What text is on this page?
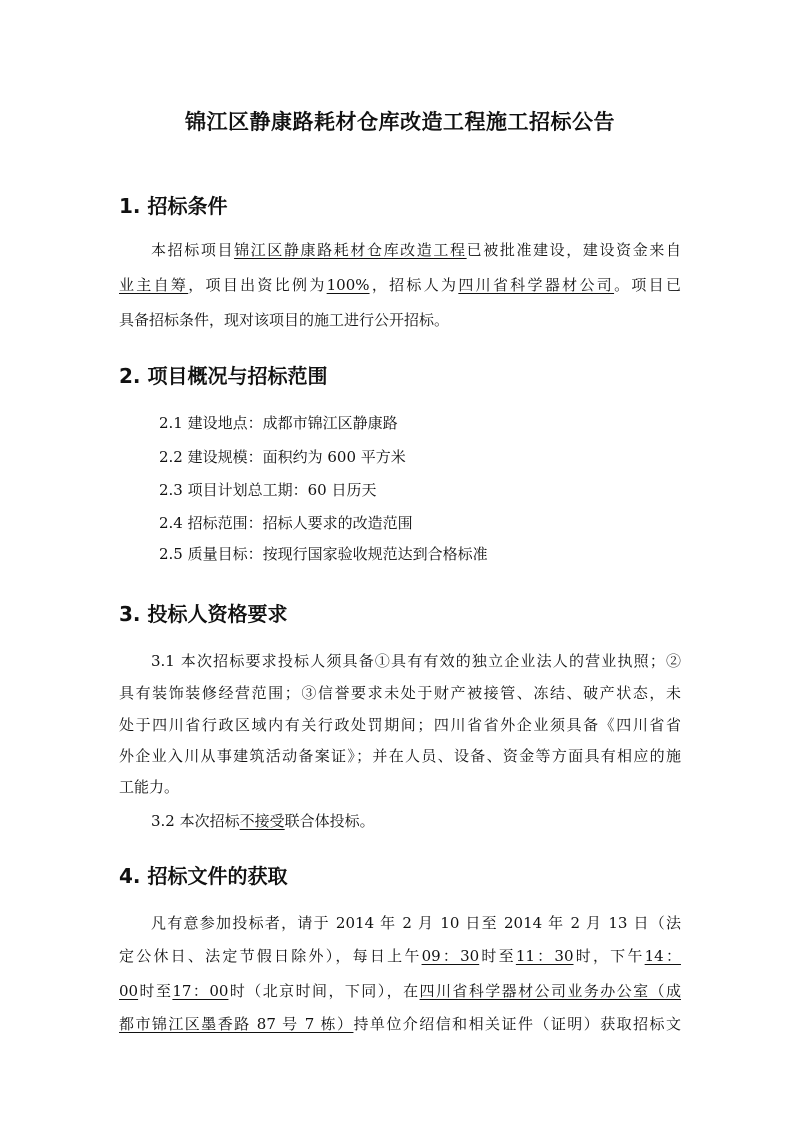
锦江区静康路耗材仓库改造工程施工招标公告
1. 招标条件
本招标项目锦江区静康路耗材仓库改造工程已被批准建设，建设资金来自
业主自筹，项目出资比例为100%，招标人为四川省科学器材公司。项目已
具备招标条件，现对该项目的施工进行公开招标。
2. 项目概况与招标范围
2.1 建设地点：成都市锦江区静康路
2.2 建设规模：面积约为 600 平方米
2.3 项目计划总工期：60 日历天
2.4 招标范围：招标人要求的改造范围
2.5 质量目标：按现行国家验收规范达到合格标准
3. 投标人资格要求
3.1 本次招标要求投标人须具备①具有有效的独立企业法人的营业执照；②
具有装饰装修经营范围；③信誉要求未处于财产被接管、冻结、破产状态，未
处于四川省行政区域内有关行政处罚期间；四川省省外企业须具备《四川省省
外企业入川从事建筑活动备案证》；并在人员、设备、资金等方面具有相应的施
工能力。
3.2 本次招标不接受联合体投标。
4. 招标文件的获取
凡有意参加投标者，请于 2014 年 2 月 10 日至 2014 年 2 月 13 日（法
定公休日、法定节假日除外），每日上午09：30时至11：30时，下午14：
00时至17：00时（北京时间，下同），在四川省科学器材公司业务办公室（成
都市锦江区墨香路 87 号 7 栋）持单位介绍信和相关证件（证明）获取招标文
